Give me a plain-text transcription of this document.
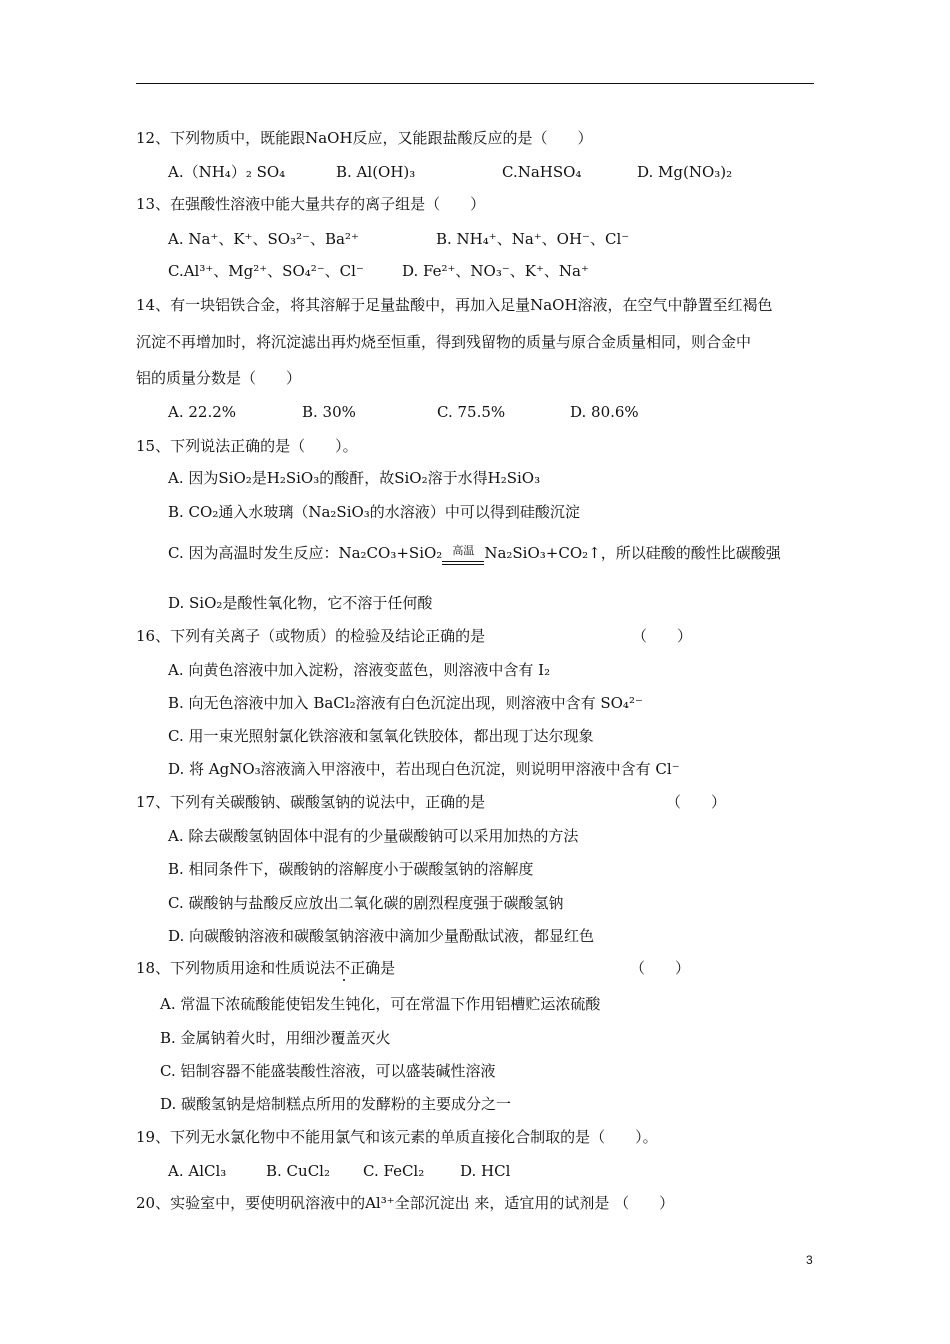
12、下列物质中，既能跟NaOH反应，又能跟盐酸反应的是（　　）
A.（NH₄）₂ SO₄	B. Al(OH)₃	C.NaHSO₄	D. Mg(NO₃)₂
13、在强酸性溶液中能大量共存的离子组是（　　）
A. Na⁺、K⁺、SO₃²⁻、Ba²⁺	B. NH₄⁺、Na⁺、OH⁻、Cl⁻
C.Al³⁺、Mg²⁺、SO₄²⁻、Cl⁻	D. Fe²⁺、NO₃⁻、K⁺、Na⁺
14、有一块铝铁合金，将其溶解于足量盐酸中，再加入足量NaOH溶液，在空气中静置至红褐色
沉淀不再增加时，将沉淀滤出再灼烧至恒重，得到残留物的质量与原合金质量相同，则合金中
铝的质量分数是（　　）
A. 22.2%	B. 30%	C. 75.5%	D. 80.6%
15、下列说法正确的是（　　）。
A. 因为SiO₂是H₂SiO₃的酸酐，故SiO₂溶于水得H₂SiO₃
B. CO₂通入水玻璃（Na₂SiO₃的水溶液）中可以得到硅酸沉淀
C. 因为高温时发生反应：Na₂CO₃+SiO₂ 高温 Na₂SiO₃+CO₂↑，所以硅酸的酸性比碳酸强
D. SiO₂是酸性氧化物，它不溶于任何酸
16、下列有关离子（或物质）的检验及结论正确的是	（　　）
A. 向黄色溶液中加入淀粉，溶液变蓝色，则溶液中含有 I₂
B. 向无色溶液中加入 BaCl₂溶液有白色沉淀出现，则溶液中含有 SO₄²⁻
C. 用一束光照射氯化铁溶液和氢氧化铁胶体，都出现丁达尔现象
D. 将 AgNO₃溶液滴入甲溶液中，若出现白色沉淀，则说明甲溶液中含有 Cl⁻
17、下列有关碳酸钠、碳酸氢钠的说法中，正确的是	（　　）
A. 除去碳酸氢钠固体中混有的少量碳酸钠可以采用加热的方法
B. 相同条件下，碳酸钠的溶解度小于碳酸氢钠的溶解度
C. 碳酸钠与盐酸反应放出二氧化碳的剧烈程度强于碳酸氢钠
D. 向碳酸钠溶液和碳酸氢钠溶液中滴加少量酚酞试液，都显红色
18、下列物质用途和性质说法不正确是	（　　）
A. 常温下浓硫酸能使铝发生钝化，可在常温下作用铝槽贮运浓硫酸
B. 金属钠着火时，用细沙覆盖灭火
C. 铝制容器不能盛装酸性溶液，可以盛装碱性溶液
D. 碳酸氢钠是焙制糕点所用的发酵粉的主要成分之一
19、下列无水氯化物中不能用氯气和该元素的单质直接化合制取的是（　　）。
A. AlCl₃	B. CuCl₂ C. FeCl₂ D. HCl
20、实验室中，要使明矾溶液中的Al³⁺全部沉淀出 来，适宜用的试剂是 （　　）
3
